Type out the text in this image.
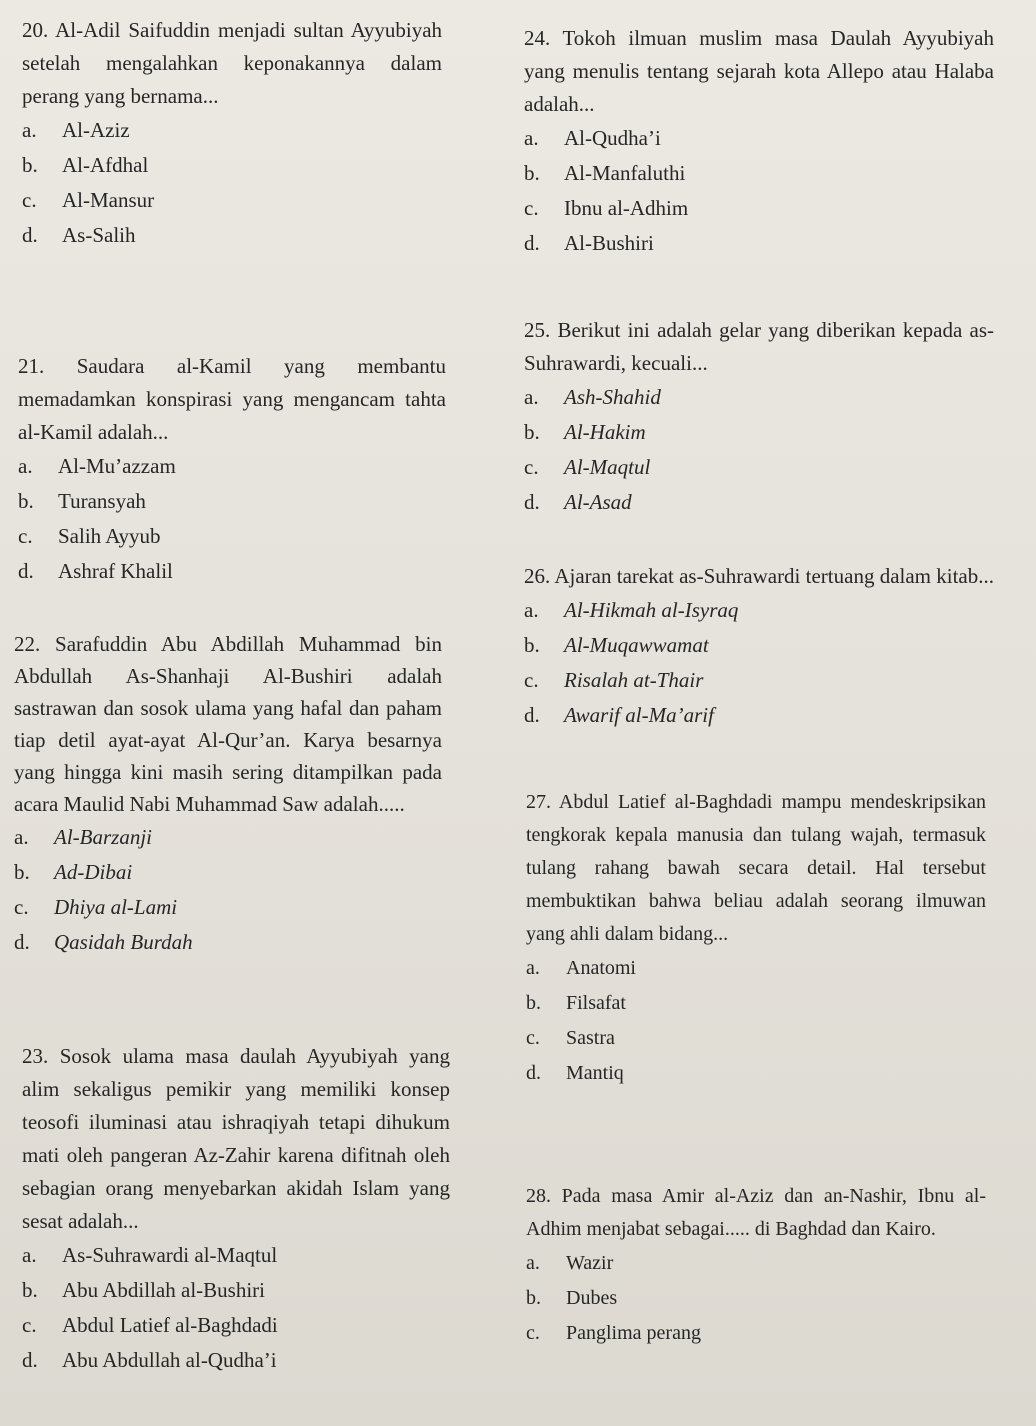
20. Al-Adil Saifuddin menjadi sultan Ayyubiyah setelah mengalahkan keponakannya dalam perang yang bernama...

a. Al-Aziz
b. Al-Afdhal
c. Al-Mansur
d. As-Salih

21. Saudara al-Kamil yang membantu memadamkan konspirasi yang mengancam tahta al-Kamil adalah...

a. Al-Mu’azzam
b. Turansyah
c. Salih Ayyub
d. Ashraf Khalil

22. Sarafuddin Abu Abdillah Muhammad bin Abdullah As-Shanhaji Al-Bushiri adalah sastrawan dan sosok ulama yang hafal dan paham tiap detil ayat-ayat Al-Qur’an. Karya besarnya yang hingga kini masih sering ditampilkan pada acara Maulid Nabi Muhammad Saw adalah.....

a. Al-Barzanji
b. Ad-Dibai
c. Dhiya al-Lami
d. Qasidah Burdah

23. Sosok ulama masa daulah Ayyubiyah yang alim sekaligus pemikir yang memiliki konsep teosofi iluminasi atau ishraqiyah tetapi dihukum mati oleh pangeran Az-Zahir karena difitnah oleh sebagian orang menyebarkan akidah Islam yang sesat adalah...

a. As-Suhrawardi al-Maqtul
b. Abu Abdillah al-Bushiri
c. Abdul Latief al-Baghdadi
d. Abu Abdullah al-Qudha’i

24. Tokoh ilmuan muslim masa Daulah Ayyubiyah yang menulis tentang sejarah kota Allepo atau Halaba adalah...

a. Al-Qudha’i
b. Al-Manfaluthi
c. Ibnu al-Adhim
d. Al-Bushiri

25. Berikut ini adalah gelar yang diberikan kepada as-Suhrawardi, kecuali...

a. Ash-Shahid
b. Al-Hakim
c. Al-Maqtul
d. Al-Asad

26. Ajaran tarekat as-Suhrawardi tertuang dalam kitab...

a. Al-Hikmah al-Isyraq
b. Al-Muqawwamat
c. Risalah at-Thair
d. Awarif al-Ma’arif

27. Abdul Latief al-Baghdadi mampu mendeskripsikan tengkorak kepala manusia dan tulang wajah, termasuk tulang rahang bawah secara detail. Hal tersebut membuktikan bahwa beliau adalah seorang ilmuwan yang ahli dalam bidang...

a. Anatomi
b. Filsafat
c. Sastra
d. Mantiq

28. Pada masa Amir al-Aziz dan an-Nashir, Ibnu al-Adhim menjabat sebagai..... di Baghdad dan Kairo.

a. Wazir
b. Dubes
c. Panglima perang
